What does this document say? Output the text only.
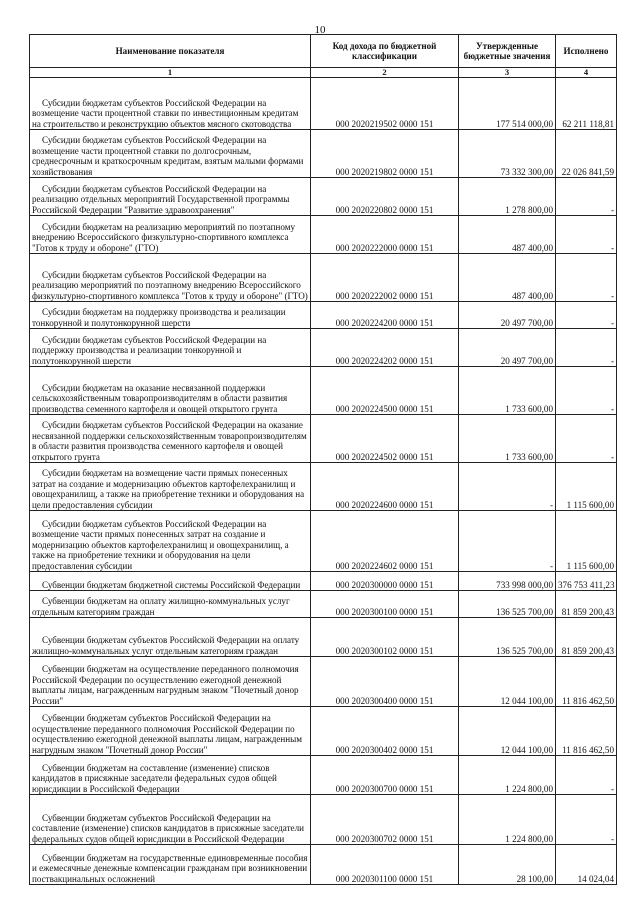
10
Наименование показателя	Код дохода по бюджетной классификации	Утвержденные бюджетные значения	Исполнено
1	2	3	4
Субсидии бюджетам субъектов Российской Федерации на возмещение части процентной ставки по инвестиционным кредитам на строительство и реконструкцию объектов мясного скотоводства	000 2020219502 0000 151	177 514 000,00	62 211 118,81
Субсидии бюджетам субъектов Российской Федерации на возмещение части процентной ставки по долгосрочным, среднесрочным и краткосрочным кредитам, взятым малыми формами хозяйствования	000 2020219802 0000 151	73 332 300,00	22 026 841,59
Субсидии бюджетам субъектов Российской Федерации на реализацию отдельных мероприятий Государственной программы Российской Федерации "Развитие здравоохранения"	000 2020220802 0000 151	1 278 800,00	-
Субсидии бюджетам на реализацию мероприятий по поэтапному внедрению Всероссийского физкультурно-спортивного комплекса "Готов к труду и обороне" (ГТО)	000 2020222000 0000 151	487 400,00	-
Субсидии бюджетам субъектов Российской Федерации на реализацию мероприятий по поэтапному внедрению Всероссийского физкультурно-спортивного комплекса "Готов к труду и обороне" (ГТО)	000 2020222002 0000 151	487 400,00	-
Субсидии бюджетам на поддержку производства и реализации тонкорунной и полутонкорунной шерсти	000 2020224200 0000 151	20 497 700,00	-
Субсидии бюджетам субъектов Российской Федерации на поддержку производства и реализации тонкорунной и полутонкорунной шерсти	000 2020224202 0000 151	20 497 700,00	-
Субсидии бюджетам на оказание несвязанной поддержки сельскохозяйственным товаропроизводителям в области развития производства семенного картофеля и овощей открытого грунта	000 2020224500 0000 151	1 733 600,00	-
Субсидии бюджетам субъектов Российской Федерации на оказание несвязанной поддержки сельскохозяйственным товаропроизводителям в области развития производства семенного картофеля и овощей открытого грунта	000 2020224502 0000 151	1 733 600,00	-
Субсидии бюджетам на возмещение части прямых понесенных затрат на создание и модернизацию объектов картофелехранилищ и овощехранилищ, а также на приобретение техники и оборудования на цели предоставления субсидии	000 2020224600 0000 151	-	1 115 600,00
Субсидии бюджетам субъектов Российской Федерации на возмещение части прямых понесенных затрат на создание и модернизацию объектов картофелехранилищ и овощехранилищ, а также на приобретение техники и оборудования на цели предоставления субсидии	000 2020224602 0000 151	-	1 115 600,00
Субвенции бюджетам бюджетной системы Российской Федерации	000 2020300000 0000 151	733 998 000,00	376 753 411,23
Субвенции бюджетам на оплату жилищно-коммунальных услуг отдельным категориям граждан	000 2020300100 0000 151	136 525 700,00	81 859 200,43
Субвенции бюджетам субъектов Российской Федерации на оплату жилищно-коммунальных услуг отдельным категориям граждан	000 2020300102 0000 151	136 525 700,00	81 859 200,43
Субвенции бюджетам на осуществление переданного полномочия Российской Федерации по осуществлению ежегодной денежной выплаты лицам, награжденным нагрудным знаком "Почетный донор России"	000 2020300400 0000 151	12 044 100,00	11 816 462,50
Субвенции бюджетам субъектов Российской Федерации на осуществление переданного полномочия Российской Федерации по осуществлению ежегодной денежной выплаты лицам, награжденным нагрудным знаком "Почетный донор России"	000 2020300402 0000 151	12 044 100,00	11 816 462,50
Субвенции бюджетам на составление (изменение) списков кандидатов в присяжные заседатели федеральных судов общей юрисдикции в Российской Федерации	000 2020300700 0000 151	1 224 800,00	-
Субвенции бюджетам субъектов Российской Федерации на составление (изменение) списков кандидатов в присяжные заседатели федеральных судов общей юрисдикции в Российской Федерации	000 2020300702 0000 151	1 224 800,00	-
Субвенции бюджетам на государственные единовременные пособия и ежемесячные денежные компенсации гражданам при возникновении поствакцинальных осложнений	000 2020301100 0000 151	28 100,00	14 024,04
